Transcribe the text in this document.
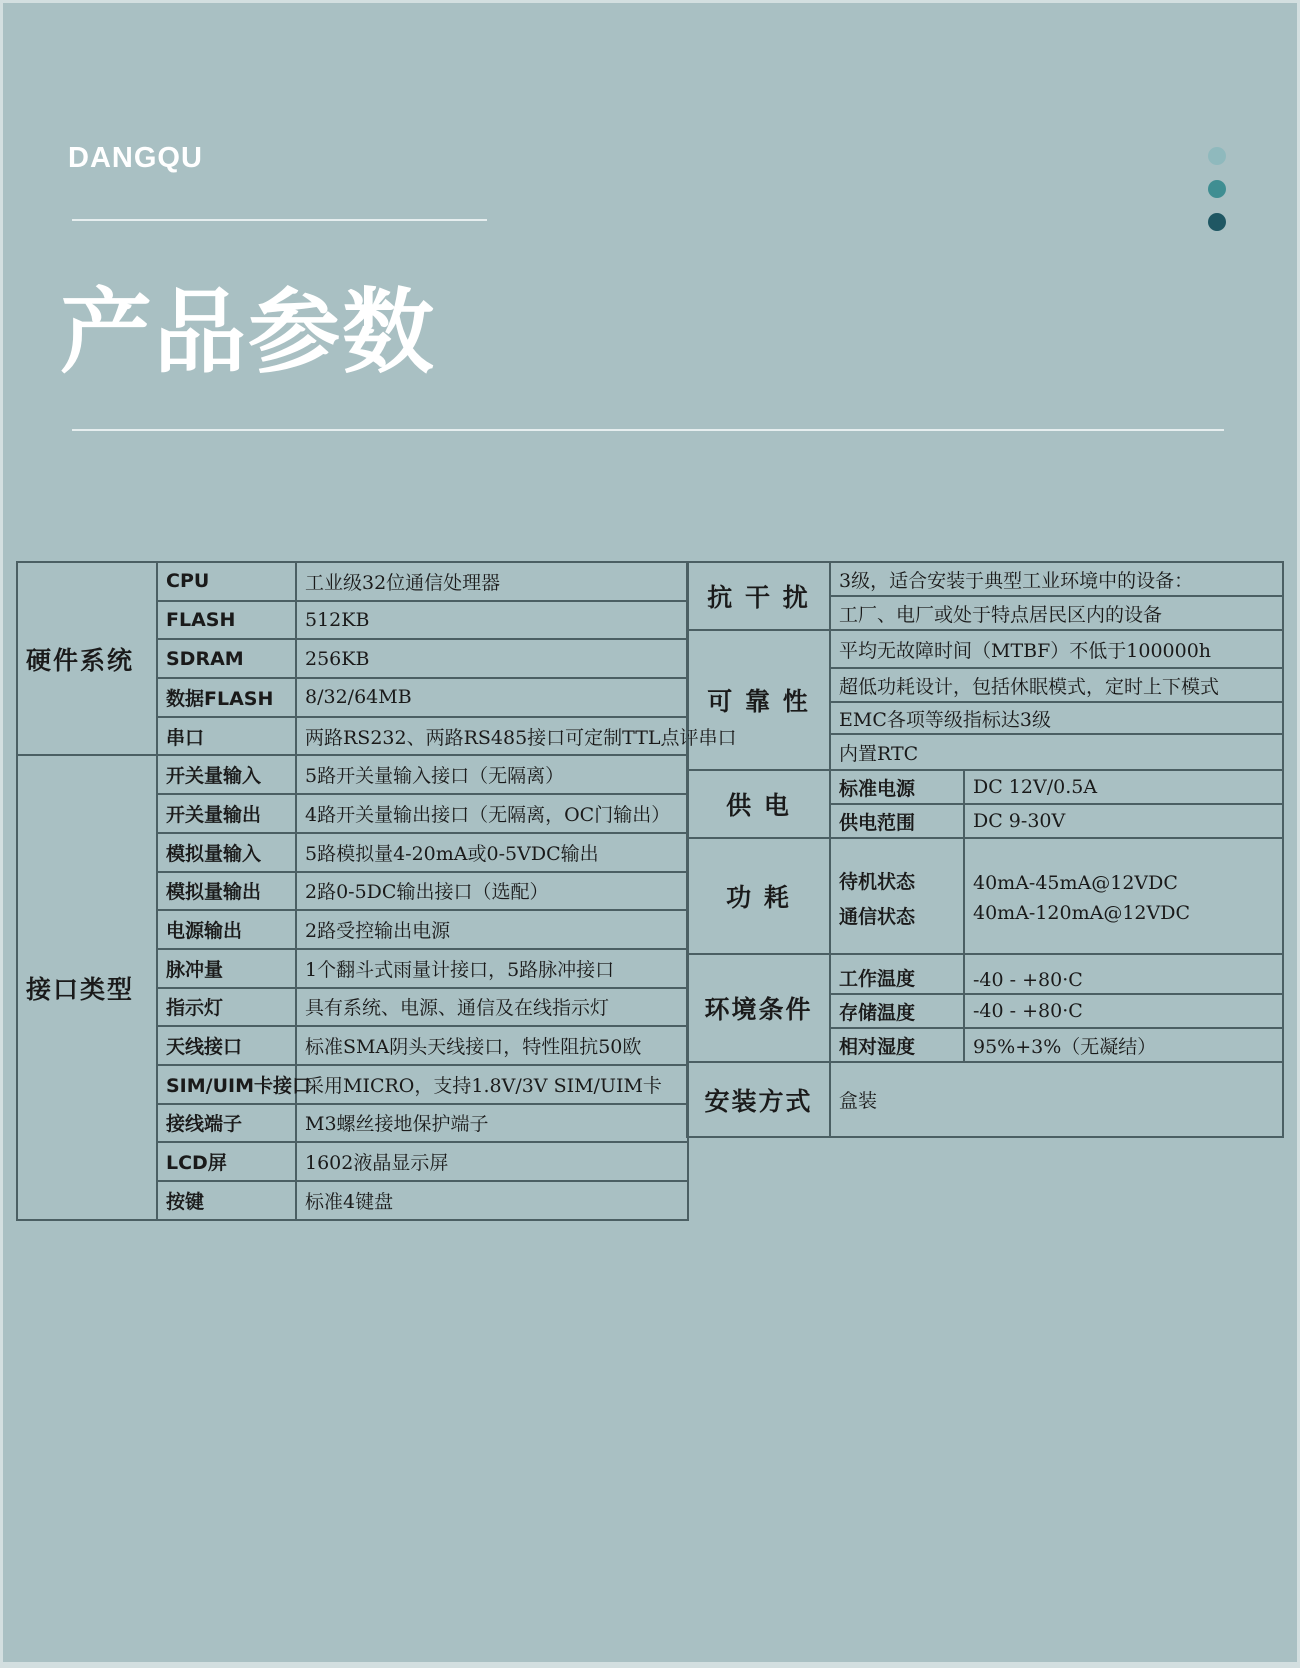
DANGQU
产品参数
硬件系统	CPU	工业级32位通信处理器
	FLASH	512KB
	SDRAM	256KB
	数据FLASH	8/32/64MB
	串口	两路RS232、两路RS485接口可定制TTL点评串口
接口类型	开关量输入	5路开关量输入接口（无隔离）
	开关量输出	4路开关量输出接口（无隔离，OC门输出）
	模拟量输入	5路模拟量4-20mA或0-5VDC输出
	模拟量输出	2路0-5DC输出接口（选配）
	电源输出	2路受控输出电源
	脉冲量	1个翻斗式雨量计接口，5路脉冲接口
	指示灯	具有系统、电源、通信及在线指示灯
	天线接口	标准SMA阴头天线接口，特性阻抗50欧
	SIM/UIM卡接口	采用MICRO，支持1.8V/3V SIM/UIM卡
	接线端子	M3螺丝接地保护端子
	LCD屏	1602液晶显示屏
	按键	标准4键盘
抗 干 扰	3级，适合安装于典型工业环境中的设备：	
	工厂、电厂或处于特点居民区内的设备	
可 靠 性	平均无故障时间（MTBF）不低于100000h	
	超低功耗设计，包括休眠模式，定时上下模式	
	EMC各项等级指标达3级	
	内置RTC	
供 电	标准电源	DC 12V/0.5A
	供电范围	DC 9-30V
功 耗	待机状态	40mA-45mA@12VDC
	通信状态	40mA-120mA@12VDC
环境条件	工作温度	-40 - +80·C
	存储温度	-40 - +80·C
	相对湿度	95%+3%（无凝结）
安装方式	盒装	
